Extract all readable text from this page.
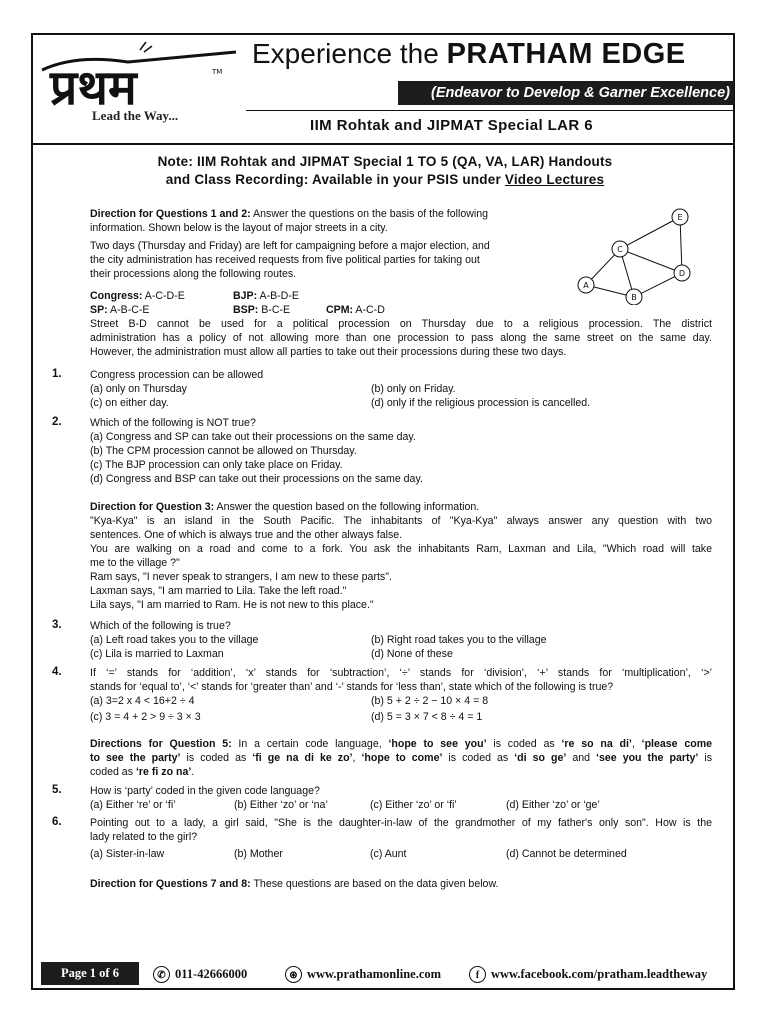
प्रथम	TM
Lead the Way...
Experience the PRATHAM EDGE
(Endeavor to Develop & Garner Excellence)
IIM Rohtak and JIPMAT Special LAR 6
Note: IIM Rohtak and JIPMAT Special 1 TO 5 (QA, VA, LAR) Handouts
and Class Recording: Available in your PSIS under Video Lectures
Direction for Questions 1 and 2: Answer the questions on the basis of the following
information. Shown below is the layout of major streets in a city.
Two days (Thursday and Friday) are left for campaigning before a major election, and
the city administration has received requests from five political parties for taking out
their processions along the following routes.
Congress: A-C-D-E	BJP: A-B-D-E
SP: A-B-C-E	BSP: B-C-E	CPM: A-C-D
A
B
C
D
E
Street B-D cannot be used for a political procession on Thursday due to a religious procession. The district
administration has a policy of not allowing more than one procession to pass along the same street on the same day.
However, the administration must allow all parties to take out their processions during these two days.
1.	Congress procession can be allowed
(a) only on Thursday	(b) only on Friday.
(c) on either day.	(d) only if the religious procession is cancelled.
2.	Which of the following is NOT true?
(a) Congress and SP can take out their processions on the same day.
(b) The CPM procession cannot be allowed on Thursday.
(c) The BJP procession can only take place on Friday.
(d) Congress and BSP can take out their processions on the same day.
Direction for Question 3: Answer the question based on the following information.
"Kya-Kya" is an island in the South Pacific. The inhabitants of "Kya-Kya" always answer any question with two
sentences. One of which is always true and the other always false.
You are walking on a road and come to a fork. You ask the inhabitants Ram, Laxman and Lila, "Which road will take
me to the village ?"
Ram says, "I never speak to strangers, I am new to these parts".
Laxman says, "I am married to Lila. Take the left road."
Lila says, "I am married to Ram. He is not new to this place."
3.	Which of the following is true?
(a) Left road takes you to the village	(b) Right road takes you to the village
(c) Lila is married to Laxman	(d) None of these
4.	If ‘=’ stands for ‘addition’, ‘x’ stands for ‘subtraction’, ‘÷’ stands for ‘division’, ‘+’ stands for ‘multiplication’, ‘>’
stands for ‘equal to’, ‘<’ stands for ‘greater than’ and ‘-’ stands for ‘less than’, state which of the following is true?
(a) 3=2 x 4 < 16+2 ÷ 4	(b) 5 + 2 ÷ 2 − 10 × 4 = 8
(c) 3 = 4 + 2 > 9 ÷ 3 × 3	(d) 5 = 3 × 7 < 8 ÷ 4 = 1
Directions for Question 5: In a certain code language, ‘hope to see you’ is coded as ‘re so na di’, ‘please come
to see the party’ is coded as ‘fi ge na di ke zo’, ‘hope to come’ is coded as ‘di so ge’ and ‘see you the party’ is
coded as ‘re fi zo na’.
5.	How is ‘party’ coded in the given code language?
(a) Either ‘re’ or ‘fi’	(b) Either ‘zo’ or ‘na’	(c) Either ‘zo’ or ‘fi’	(d) Either ‘zo’ or ‘ge’
6.	Pointing out to a lady, a girl said, "She is the daughter-in-law of the grandmother of my father's only son". How is the
lady related to the girl?
(a) Sister-in-law	(b) Mother	(c) Aunt	(d) Cannot be determined
Direction for Questions 7 and 8: These questions are based on the data given below.
Page 1 of 6	✆ 011-42666000	⊛ www.prathamonline.com	f www.facebook.com/pratham.leadtheway
